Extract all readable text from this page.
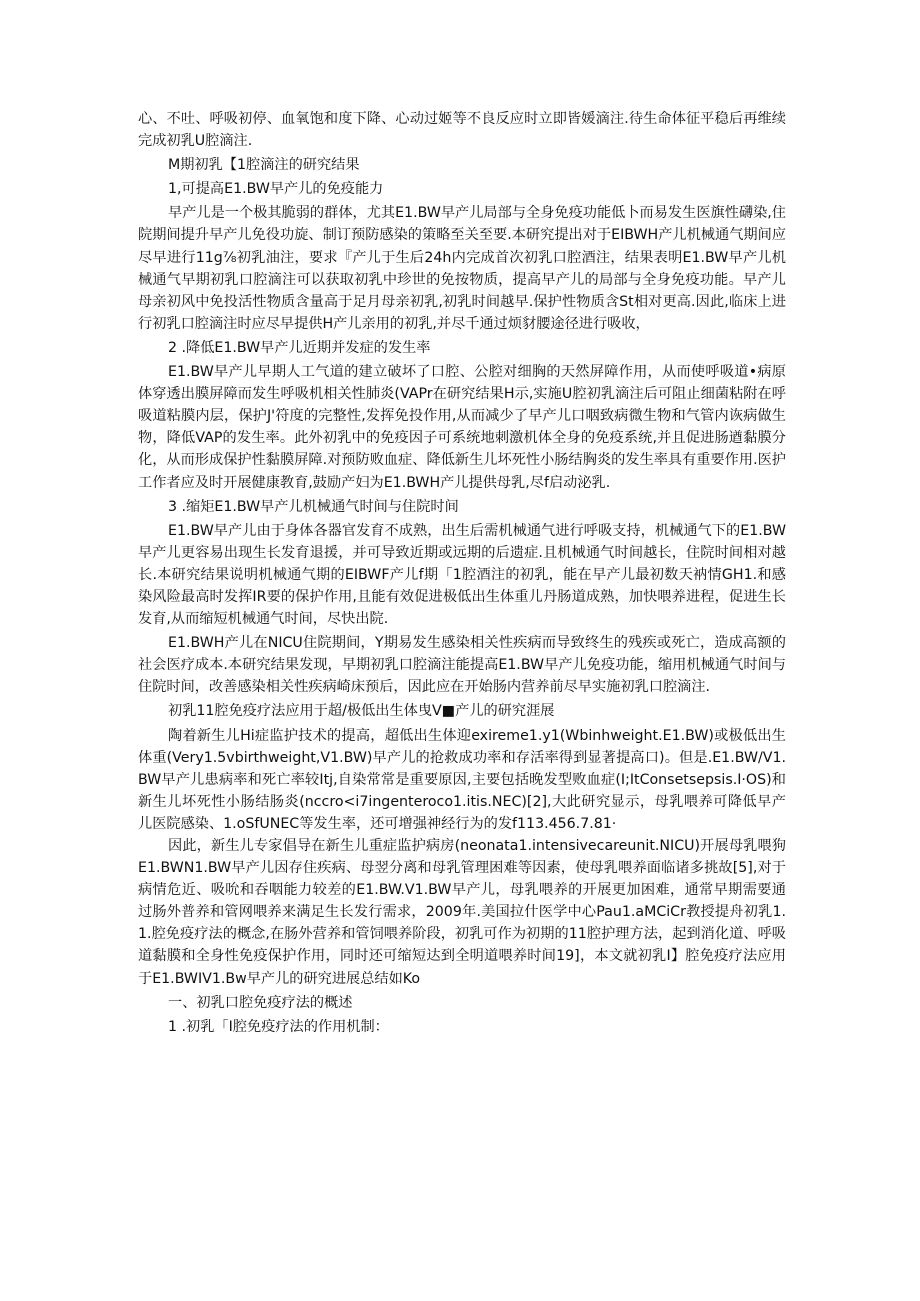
心、不吐、呼吸初停、血氧饱和度下降、心动过姬等不良反应时立即皆媛滴注.待生命体征平稳后再维续完成初乳U腔滴注.

M期初乳【1腔滴注的研究结果

1,可提高E1.BW早产儿的免疫能力

早产儿是一个极其脆弱的群体，尤其E1.BW早产儿局部与全身免疫功能低卜而易发生医旗性礴染,住院期间提升早产儿免役功旋、制订预防感染的策略至关至要.本研究提出对于EIBWH产儿机械通气期间应尽早进行11g⅞初乳油注，要求『产儿于生后24h内完成首次初乳口腔酒注，结果表明E1.BW早产儿机械通气早期初乳口腔滴注可以获取初乳中珍世的免按物质，提高早产儿的局部与全身免疫功能。早产儿母亲初风中免投活性物质含量高于足月母亲初乳,初乳时间越早.保护性物质含St相对更高.因此,临床上进行初乳口腔滴注时应尽早提供H产儿亲用的初乳,并尽千通过烦豺腰途径进行吸收，

2 .降低E1.BW早产儿近期并发症的发生率

E1.BW早产儿早期人工气道的建立破坏了口腔、公腔对细胸的天然屏障作用，从而使呼吸道•病原体穿透出膜屏障而发生呼吸机相关性肺炎(VAPr在研究结果H示,实施U腔初乳滴注后可阻止细菌粘附在呼吸道粘膜内层，保护J'符度的完整性,发挥免投作用,从而减少了早产儿口咽致病微生物和气管内诙病做生物，降低VAP的发生率。此外初乳中的免疫因子可系统地刺激机体全身的免疫系统,并且促进肠遒黏膜分化，从而形成保护性黏膜屏障.对预防败血症、降低新生儿坏死性小肠结胸炎的发生率具有重要作用.医护工作者应及时开展健康教育,鼓励产妇为E1.BWH产儿提供母乳,尽f启动泌乳.

3 .缩矩E1.BW早产儿机械通气时间与住院时间

E1.BW早产儿由于身体各器官发育不成熟，出生后需机械通气进行呼吸支持，机械通气下的E1.BW早产儿更容易出现生长发育退援，并可导致近期或远期的后遗症.且机械通气时间越长，住院时间相对越长.本研究结果说明机械通气期的EIBWF产儿f期「1腔酒注的初乳，能在早产儿最初数天衲情GH1.和感染风险最高时发挥IR要的保护作用,且能有效促进极低出生体重儿丹肠道成熟，加快喂养进程，促进生长发育,从而缩短机械通气时间，尽快出院.

E1.BWH产儿在NICU住院期间，Y期易发生感染相关性疾病而导致终生的残疾或死亡，造成高额的社会医疗成本.本研究结果发现，早期初乳口腔滴注能提高E1.BW早产儿免疫功能，缩用机械通气时间与住院时间，改善感染相关性疾病崎床预后，因此应在开始肠内营养前尽早实施初乳口腔滴注.

初乳11腔免疫疗法应用于超/极低出生体曳V■产儿的研究涯展

陶着新生儿Hi症监护技术的提高，超低出生体迎exireme1.y1(Wbinhweight.E1.BW)或极低出生体重(Very1.5vbirthweight,V1.BW)早产儿的抢救成功率和存活率得到显著提高口)。但是.E1.BW/V1.BW早产儿患病率和死亡率较Itj,自染常常是重要原因,主要包括晚发型败血症(I;ItConsetsepsis.I·OS)和新生儿坏死性小肠结肠炎(nccro<i7ingenteroco1.itis.NEC)[2],大此研究显示，母乳喂养可降低早产儿医院感染、1.oSfUNEC等发生率，还可增强神经行为的发f113.456.7.81·

因此，新生儿专家倡导在新生儿重症监护病房(neonata1.intensivecareunit.NICU)开展母乳喂狗E1.BWN1.BW早产儿因存住疾病、母翌分离和母乳管理困难等因素，使母乳喂养面临诸多挑故[5],对于病情危近、吸吮和吞咽能力较差的E1.BW.V1.BW早产儿，母乳喂养的开展更加困难，通常早期需要通过肠外普养和管网喂养来满足生长发行需求，2009年.美国拉什医学中心Pau1.aMCiCr教授提舟初乳1.1.腔免疫疗法的概念,在肠外营养和管饲喂养阶段，初乳可作为初期的11腔护理方法，起到消化道、呼吸道黏膜和全身性免疫保护作用，同时还可缩短达到全明道喂养时间19]，本文就初乳I】腔免疫疗法应用于E1.BWIV1.Bw早产儿的研究进展总结如Ko

一、初乳口腔免疫疗法的概述

1 .初乳「I腔免疫疗法的作用机制：
